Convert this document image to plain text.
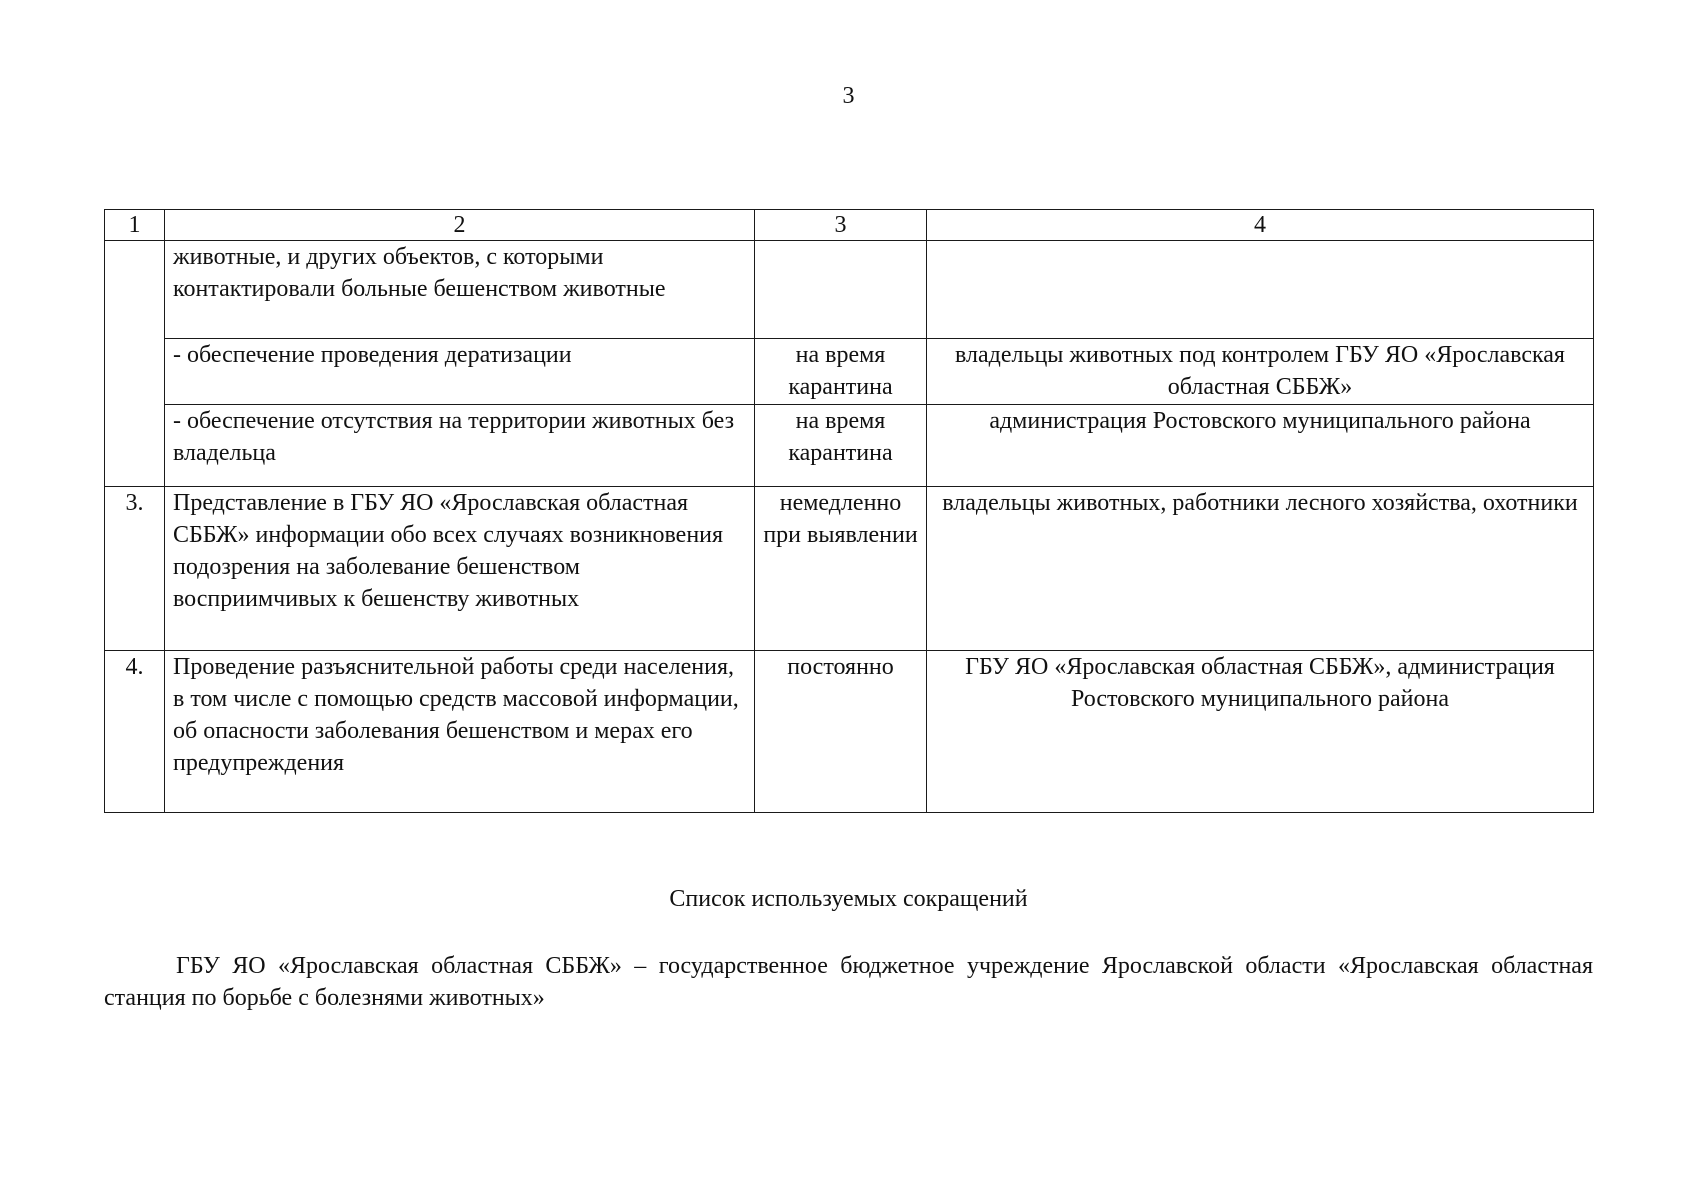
3
1	2	3	4
	животные, и других объектов, с которыми контактировали больные бешенством животные		
	- обеспечение проведения дератизации	на время карантина	владельцы животных под контролем ГБУ ЯО «Ярославская областная СББЖ»
	- обеспечение отсутствия на территории животных без владельца	на время карантина	администрация Ростовского муниципального района
3.	Представление в ГБУ ЯО «Ярославская областная СББЖ» информации обо всех случаях возникновения подозрения на заболевание бешенством восприимчивых к бешенству животных	немедленно при выявлении	владельцы животных, работники лесного хозяйства, охотники
4.	Проведение разъяснительной работы среди населения, в том числе с помощью средств массовой информации, об опасности заболевания бешенством и мерах его предупреждения	постоянно	ГБУ ЯО «Ярославская областная СББЖ», администрация Ростовского муниципального района
Список используемых сокращений
ГБУ ЯО «Ярославская областная СББЖ» – государственное бюджетное учреждение Ярославской области «Ярославская областная станция по борьбе с болезнями животных»
